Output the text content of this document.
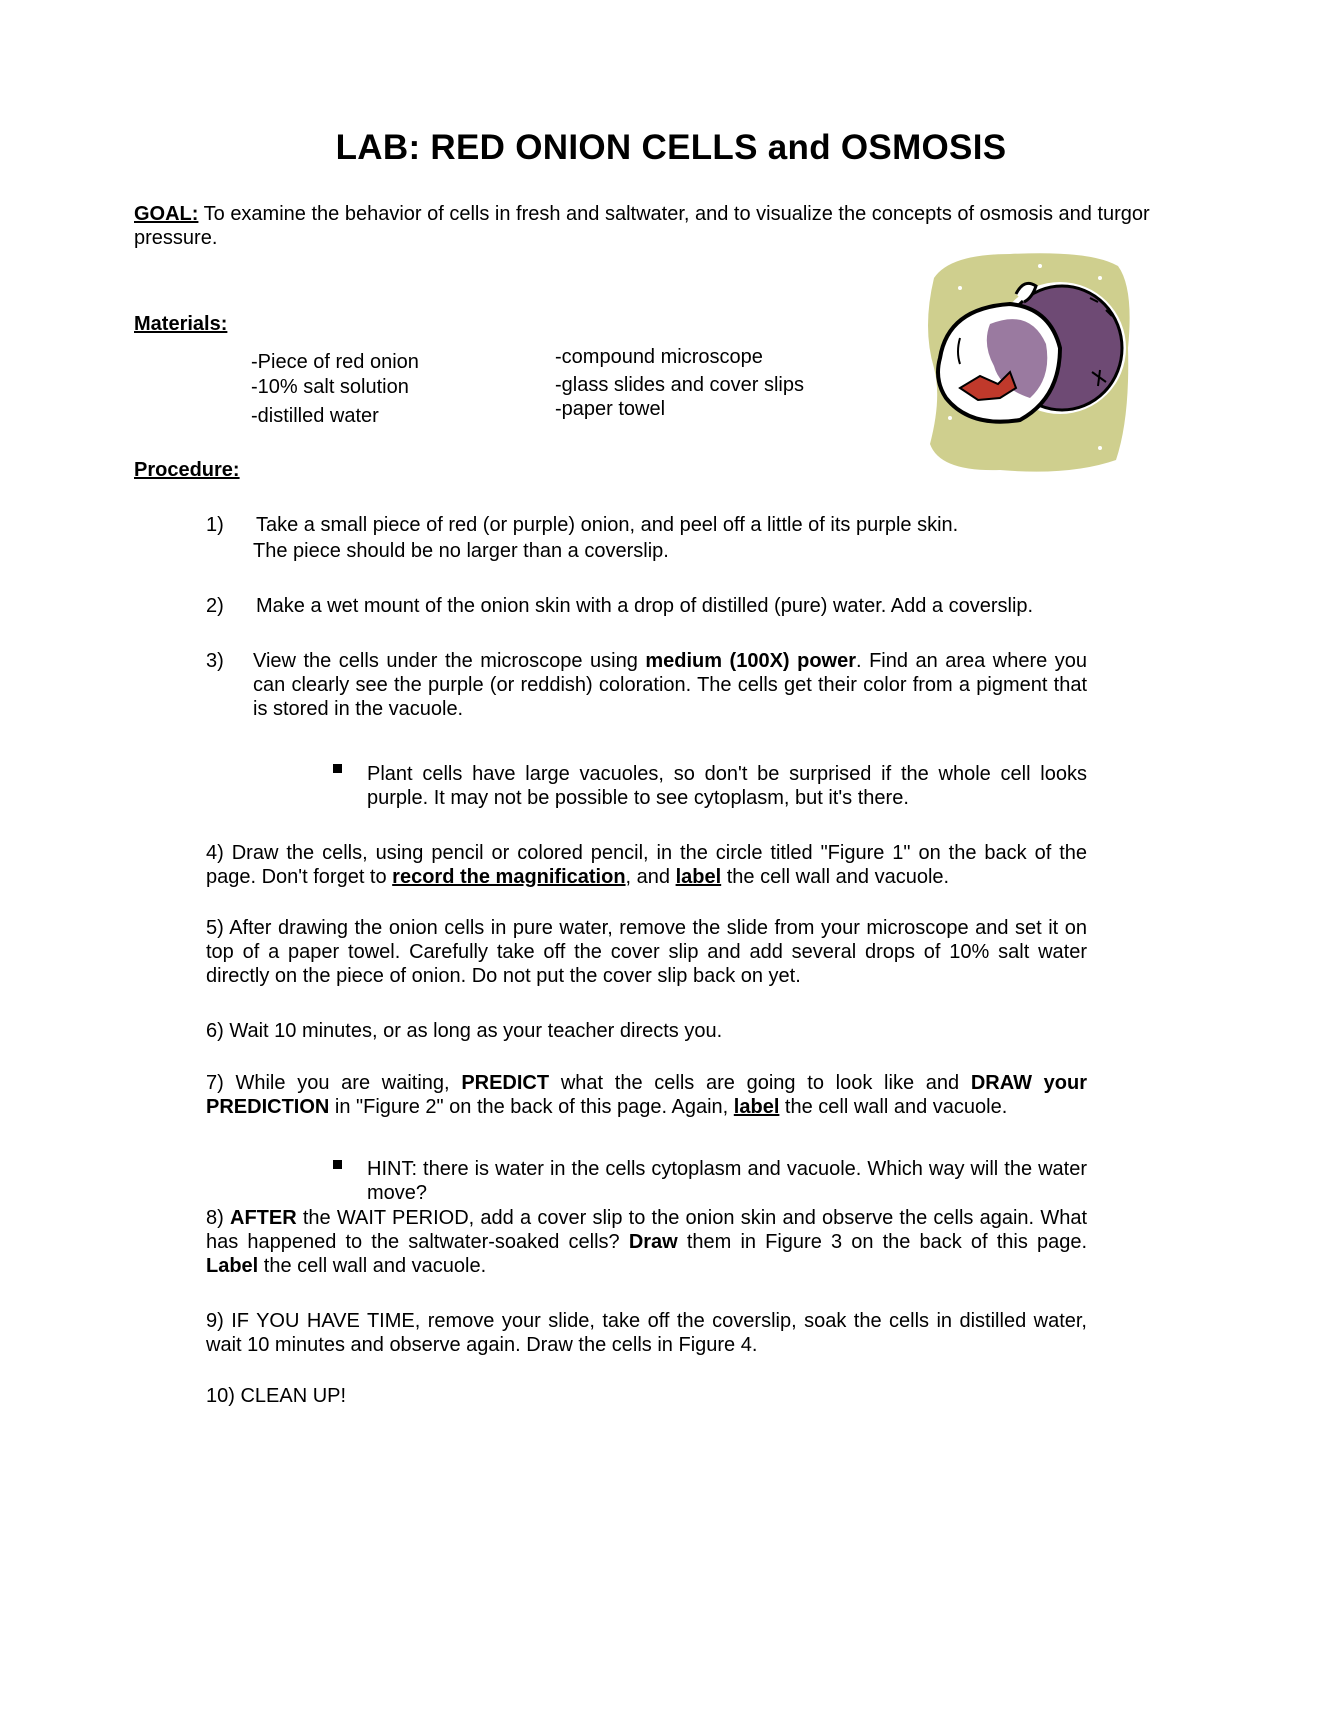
LAB: RED ONION CELLS and OSMOSIS
GOAL: To examine the behavior of cells in fresh and saltwater, and to visualize the concepts of osmosis and turgor pressure.
Materials:
-Piece of red onion
-10% salt solution
-distilled water
-compound microscope
-glass slides and cover slips
-paper towel
Procedure:
1) Take a small piece of red (or purple) onion, and peel off a little of its purple skin.
The piece should be no larger than a coverslip.
2) Make a wet mount of the onion skin with a drop of distilled (pure) water. Add a coverslip.
3) View the cells under the microscope using medium (100X) power. Find an area where you can clearly see the purple (or reddish) coloration. The cells get their color from a pigment that is stored in the vacuole.
Plant cells have large vacuoles, so don't be surprised if the whole cell looks purple. It may not be possible to see cytoplasm, but it's there.
4) Draw the cells, using pencil or colored pencil, in the circle titled "Figure 1" on the back of the page. Don't forget to record the magnification, and label the cell wall and vacuole.
5) After drawing the onion cells in pure water, remove the slide from your microscope and set it on top of a paper towel. Carefully take off the cover slip and add several drops of 10% salt water directly on the piece of onion. Do not put the cover slip back on yet.
6) Wait 10 minutes, or as long as your teacher directs you.
7) While you are waiting, PREDICT what the cells are going to look like and DRAW your PREDICTION in "Figure 2" on the back of this page. Again, label the cell wall and vacuole.
HINT: there is water in the cells cytoplasm and vacuole. Which way will the water move?
8) AFTER the WAIT PERIOD, add a cover slip to the onion skin and observe the cells again. What has happened to the saltwater-soaked cells? Draw them in Figure 3 on the back of this page. Label the cell wall and vacuole.
9) IF YOU HAVE TIME, remove your slide, take off the coverslip, soak the cells in distilled water, wait 10 minutes and observe again. Draw the cells in Figure 4.
10) CLEAN UP!
